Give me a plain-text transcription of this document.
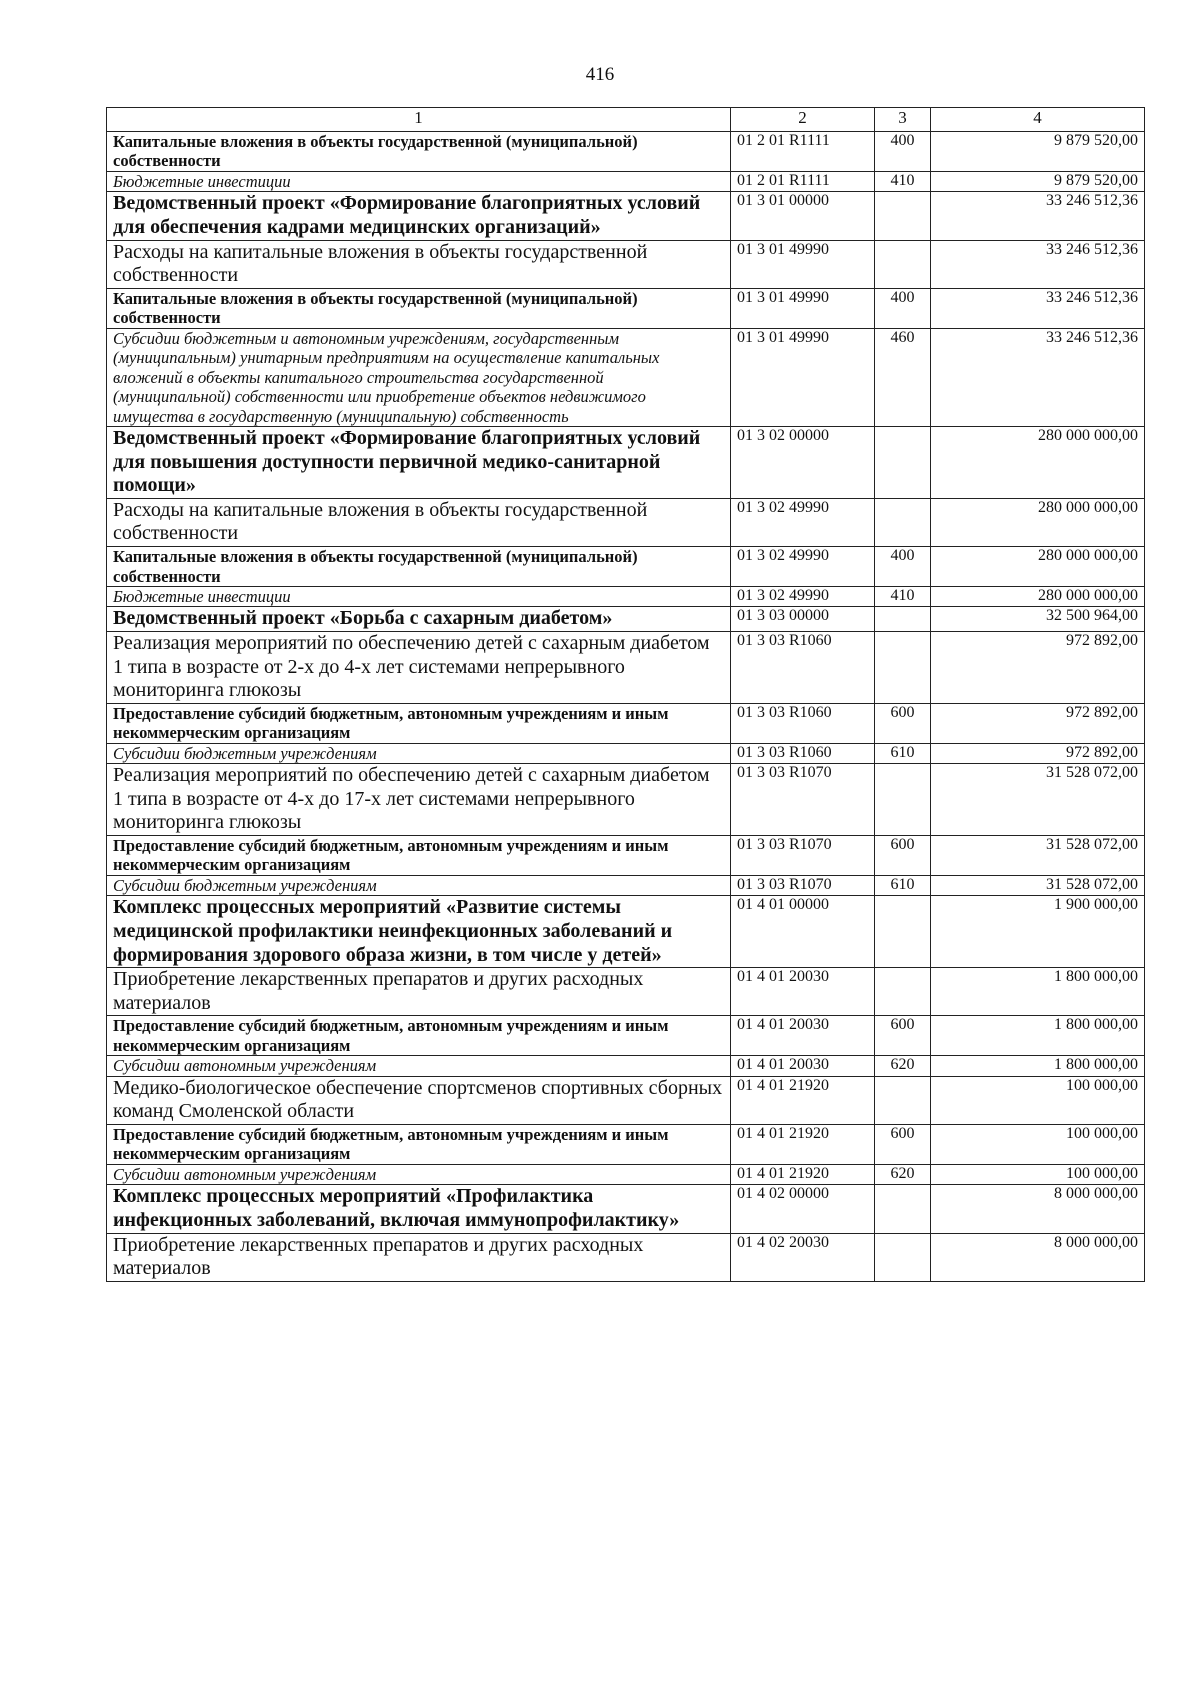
416
1	2	3	4
Капитальные вложения в объекты государственной (муниципальной) собственности	01 2 01 R1111	400	9 879 520,00
Бюджетные инвестиции	01 2 01 R1111	410	9 879 520,00
Ведомственный проект «Формирование благоприятных условий для обеспечения кадрами медицинских организаций»	01 3 01 00000		33 246 512,36
Расходы на капитальные вложения в объекты государственной собственности	01 3 01 49990		33 246 512,36
Капитальные вложения в объекты государственной (муниципальной) собственности	01 3 01 49990	400	33 246 512,36
Субсидии бюджетным и автономным учреждениям, государственным (муниципальным) унитарным предприятиям на осуществление капитальных вложений в объекты капитального строительства государственной (муниципальной) собственности или приобретение объектов недвижимого имущества в государственную (муниципальную) собственность	01 3 01 49990	460	33 246 512,36
Ведомственный проект «Формирование благоприятных условий для повышения доступности первичной медико-санитарной помощи»	01 3 02 00000		280 000 000,00
Расходы на капитальные вложения в объекты государственной собственности	01 3 02 49990		280 000 000,00
Капитальные вложения в объекты государственной (муниципальной) собственности	01 3 02 49990	400	280 000 000,00
Бюджетные инвестиции	01 3 02 49990	410	280 000 000,00
Ведомственный проект «Борьба с сахарным диабетом»	01 3 03 00000		32 500 964,00
Реализация мероприятий по обеспечению детей с сахарным диабетом 1 типа в возрасте от 2-х до 4-х лет системами непрерывного мониторинга глюкозы	01 3 03 R1060		972 892,00
Предоставление субсидий бюджетным, автономным учреждениям и иным некоммерческим организациям	01 3 03 R1060	600	972 892,00
Субсидии бюджетным учреждениям	01 3 03 R1060	610	972 892,00
Реализация мероприятий по обеспечению детей с сахарным диабетом 1 типа в возрасте от 4-х до 17-х лет системами непрерывного мониторинга глюкозы	01 3 03 R1070		31 528 072,00
Предоставление субсидий бюджетным, автономным учреждениям и иным некоммерческим организациям	01 3 03 R1070	600	31 528 072,00
Субсидии бюджетным учреждениям	01 3 03 R1070	610	31 528 072,00
Комплекс процессных мероприятий «Развитие системы медицинской профилактики неинфекционных заболеваний и формирования здорового образа жизни, в том числе у детей»	01 4 01 00000		1 900 000,00
Приобретение лекарственных препаратов и других расходных материалов	01 4 01 20030		1 800 000,00
Предоставление субсидий бюджетным, автономным учреждениям и иным некоммерческим организациям	01 4 01 20030	600	1 800 000,00
Субсидии автономным учреждениям	01 4 01 20030	620	1 800 000,00
Медико-биологическое обеспечение спортсменов спортивных сборных команд Смоленской области	01 4 01 21920		100 000,00
Предоставление субсидий бюджетным, автономным учреждениям и иным некоммерческим организациям	01 4 01 21920	600	100 000,00
Субсидии автономным учреждениям	01 4 01 21920	620	100 000,00
Комплекс процессных мероприятий «Профилактика инфекционных заболеваний, включая иммунопрофилактику»	01 4 02 00000		8 000 000,00
Приобретение лекарственных препаратов и других расходных материалов	01 4 02 20030		8 000 000,00
